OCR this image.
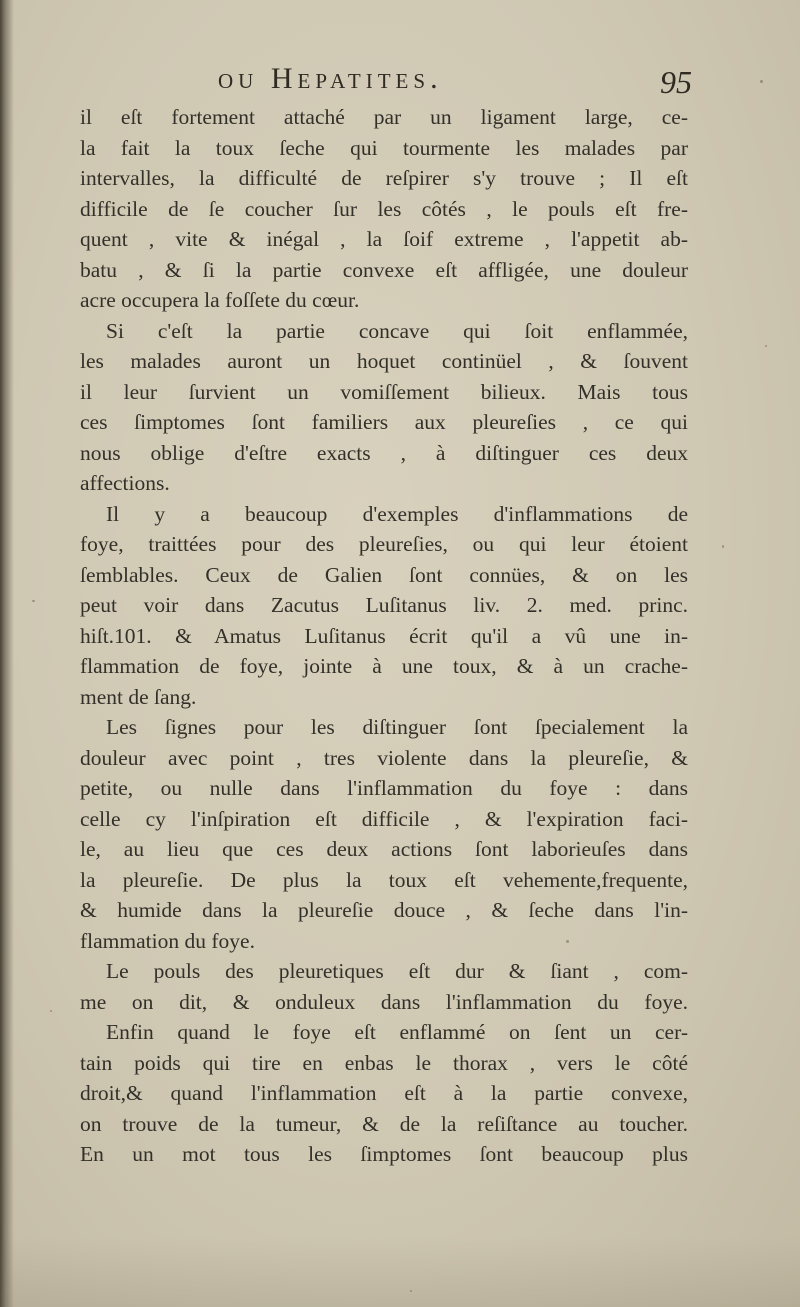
ou Hepatites.	95
il eſt fortement attaché par un ligament large, ce-
la fait la toux ſeche qui tourmente les malades par
intervalles, la difficulté de reſpirer s'y trouve ; Il eſt
difficile de ſe coucher ſur les côtés , le pouls eſt fre-
quent , vite & inégal , la ſoif extreme , l'appetit ab-
batu , & ſi la partie convexe eſt affligée, une douleur
acre occupera la foſſete du cœur.
Si c'eſt la partie concave qui ſoit enflammée,
les malades auront un hoquet continüel , & ſouvent
il leur ſurvient un vomiſſement bilieux. Mais tous
ces ſimptomes ſont familiers aux pleureſies , ce qui
nous oblige d'eſtre exacts , à diſtinguer ces deux
affections.
Il y a beaucoup d'exemples d'inflammations de
foye, traittées pour des pleureſies, ou qui leur étoient
ſemblables. Ceux de Galien ſont connües, & on les
peut voir dans Zacutus Luſitanus liv. 2. med. princ.
hiſt.101. & Amatus Luſitanus écrit qu'il a vû une in-
flammation de foye, jointe à une toux, & à un crache-
ment de ſang.
Les ſignes pour les diſtinguer ſont ſpecialement la
douleur avec point , tres violente dans la pleureſie, &
petite, ou nulle dans l'inflammation du foye : dans
celle cy l'inſpiration eſt difficile , & l'expiration faci-
le, au lieu que ces deux actions ſont laborieuſes dans
la pleureſie. De plus la toux eſt vehemente,frequente,
& humide dans la pleureſie douce , & ſeche dans l'in-
flammation du foye.
Le pouls des pleuretiques eſt dur & ſiant , com-
me on dit, & onduleux dans l'inflammation du foye.
Enfin quand le foye eſt enflammé on ſent un cer-
tain poids qui tire en enbas le thorax , vers le côté
droit,& quand l'inflammation eſt à la partie convexe,
on trouve de la tumeur, & de la reſiſtance au toucher.
En un mot tous les ſimptomes ſont beaucoup plus
